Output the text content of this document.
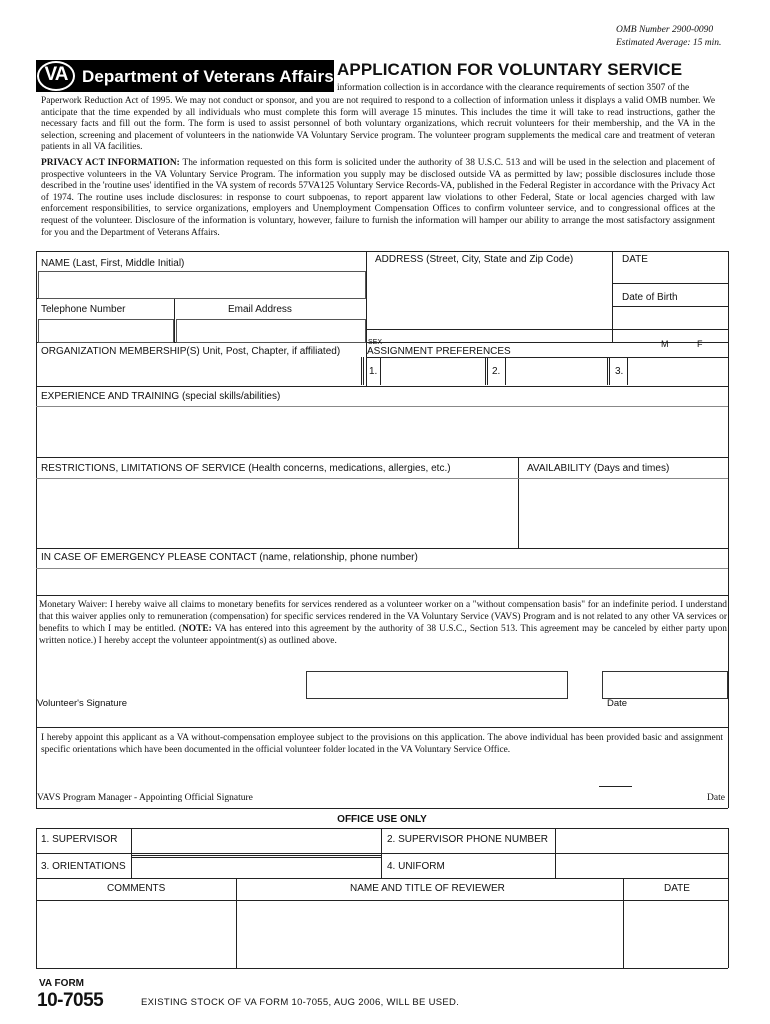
OMB Number 2900-0090
Estimated Average: 15 min.
VA Department of Veterans Affairs APPLICATION FOR VOLUNTARY SERVICE
information collection is in accordance with the clearance requirements of section 3507 of the
Paperwork Reduction Act of 1995. We may not conduct or sponsor, and you are not required to respond to a collection of information unless it displays a valid OMB number. We anticipate that the time expended by all individuals who must complete this form will average 15 minutes. This includes the time it will take to read instructions, gather the necessary facts and fill out the form. The form is used to assist personnel of both voluntary organizations, which recruit volunteers for their membership, and the VA in the selection, screening and placement of volunteers in the nationwide VA Voluntary Service program. The volunteer program supplements the medical care and treatment of veteran patients in all VA facilities.
PRIVACY ACT INFORMATION: The information requested on this form is solicited under the authority of 38 U.S.C. 513 and will be used in the selection and placement of prospective volunteers in the VA Voluntary Service Program. The information you supply may be disclosed outside VA as permitted by law; possible disclosures include those described in the 'routine uses' identified in the VA system of records 57VA125 Voluntary Service Records-VA, published in the Federal Register in accordance with the Privacy Act of 1974. The routine uses include disclosures: in response to court subpoenas, to report apparent law violations to other Federal, State or local agencies charged with law enforcement responsibilities, to service organizations, employers and Unemployment Compensation Offices to confirm volunteer service, and to congressional offices at the request of the volunteer. Disclosure of the information is voluntary, however, failure to furnish the information will hamper our ability to arrange the most satisfactory assignment for you and the Department of Veterans Affairs.
NAME (Last, First, Middle Initial)	ADDRESS (Street, City, State and Zip Code)	DATE
Date of Birth
Telephone Number	Email Address
SEX	M	F
ORGANIZATION MEMBERSHIP(S) Unit, Post, Chapter, if affiliated)	ASSIGNMENT PREFERENCES
1.	2.	3.
EXPERIENCE AND TRAINING (special skills/abilities)
RESTRICTIONS, LIMITATIONS OF SERVICE (Health concerns, medications, allergies, etc.)	AVAILABILITY (Days and times)
IN CASE OF EMERGENCY PLEASE CONTACT (name, relationship, phone number)
Monetary Waiver: I hereby waive all claims to monetary benefits for services rendered as a volunteer worker on a "without compensation basis" for an indefinite period. I understand that this waiver applies only to remuneration (compensation) for specific services rendered in the VA Voluntary Service (VAVS) Program and is not related to any other VA services or benefits to which I may be entitled. (NOTE: VA has entered into this agreement by the authority of 38 U.S.C., Section 513. This agreement may be canceled by either party upon written notice.) I hereby accept the volunteer appointment(s) as outlined above.
Volunteer's Signature	Date
I hereby appoint this applicant as a VA without-compensation employee subject to the provisions on this application. The above individual has been provided basic and assignment specific orientations which have been documented in the official volunteer folder located in the VA Voluntary Service Office.
VAVS Program Manager - Appointing Official Signature	Date
OFFICE USE ONLY
1. SUPERVISOR	2. SUPERVISOR PHONE NUMBER
3. ORIENTATIONS	4. UNIFORM
COMMENTS	NAME AND TITLE OF REVIEWER	DATE
VA FORM
10-7055	EXISTING STOCK OF VA FORM 10-7055, AUG 2006, WILL BE USED.
